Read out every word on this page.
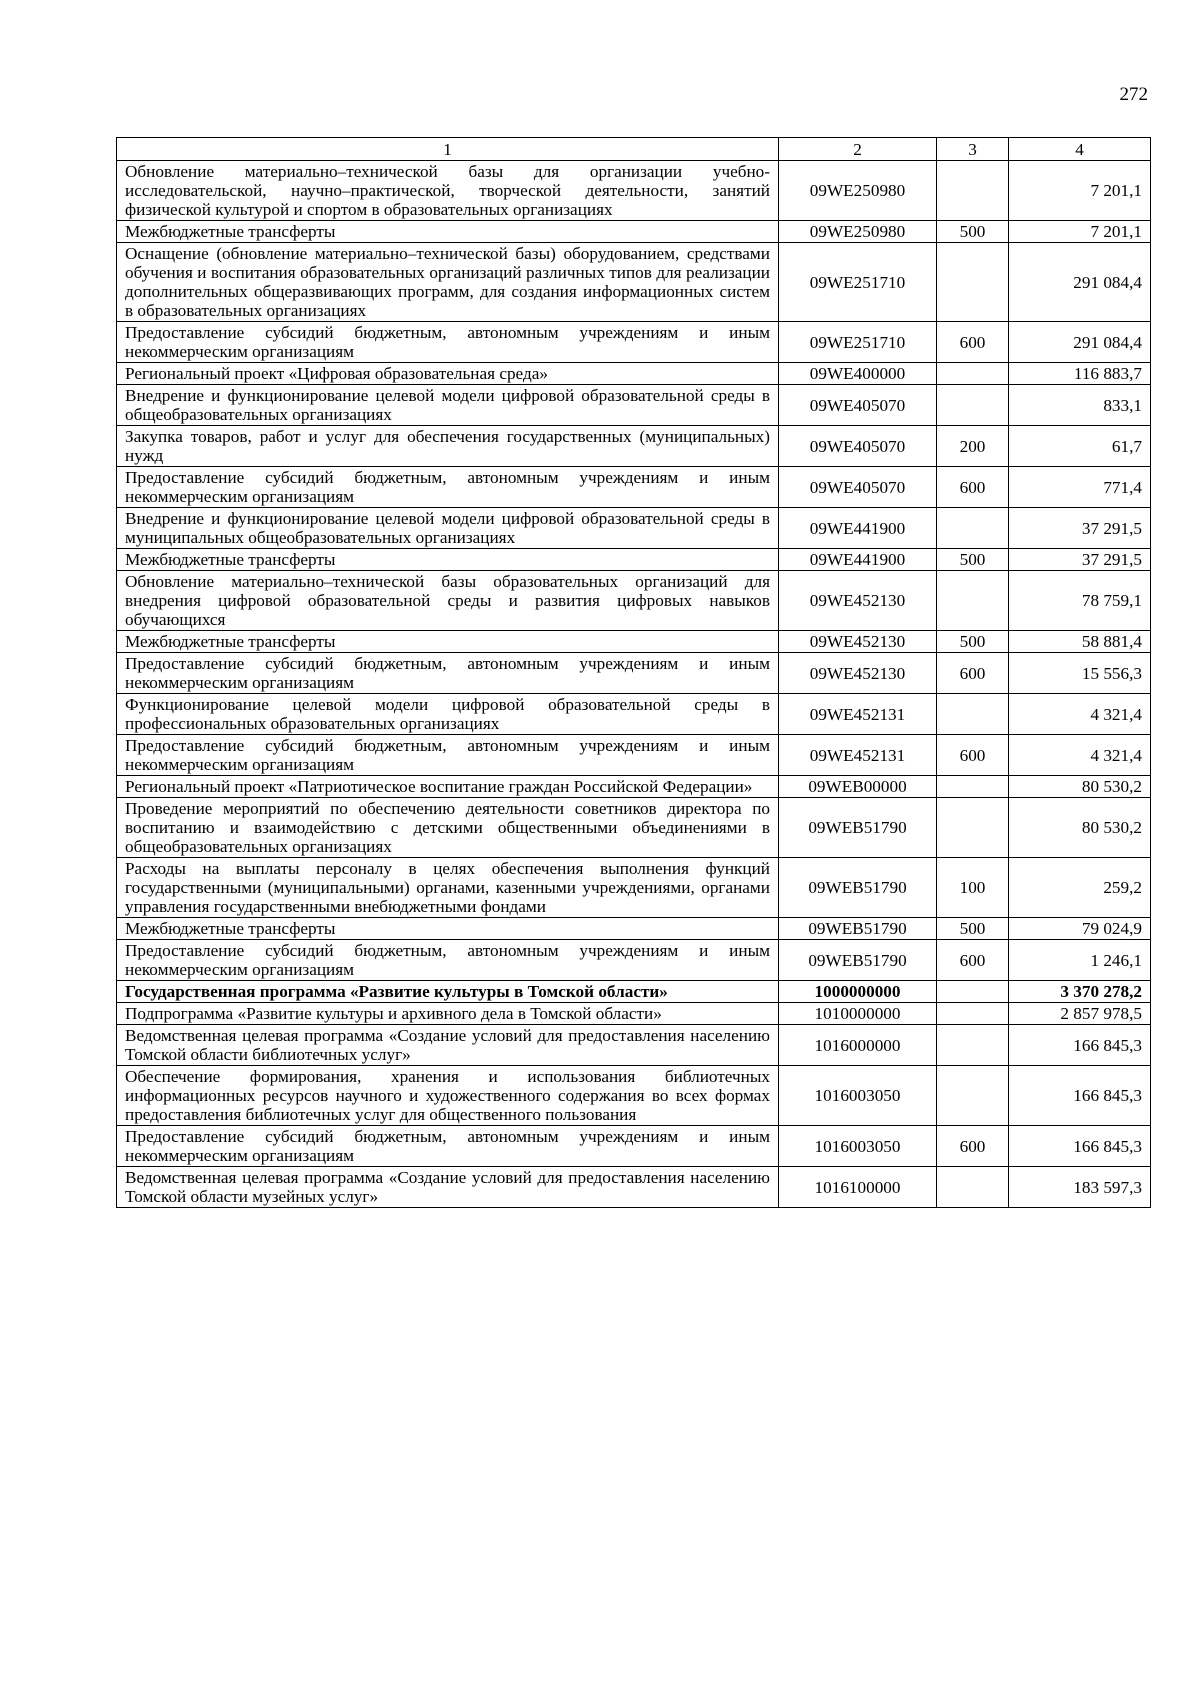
272
1	2	3	4
Обновление материально–технической базы для организации учебно-исследовательской, научно–практической, творческой деятельности, занятий физической культурой и спортом в образовательных организациях	09WE250980		7 201,1
Межбюджетные трансферты	09WE250980	500	7 201,1
Оснащение (обновление материально–технической базы) оборудованием, средствами обучения и воспитания образовательных организаций различных типов для реализации дополнительных общеразвивающих программ, для создания информационных систем в образовательных организациях	09WE251710		291 084,4
Предоставление субсидий бюджетным, автономным учреждениям и иным некоммерческим организациям	09WE251710	600	291 084,4
Региональный проект «Цифровая образовательная среда»	09WE400000		116 883,7
Внедрение и функционирование целевой модели цифровой образовательной среды в общеобразовательных организациях	09WE405070		833,1
Закупка товаров, работ и услуг для обеспечения государственных (муниципальных) нужд	09WE405070	200	61,7
Предоставление субсидий бюджетным, автономным учреждениям и иным некоммерческим организациям	09WE405070	600	771,4
Внедрение и функционирование целевой модели цифровой образовательной среды в муниципальных общеобразовательных организациях	09WE441900		37 291,5
Межбюджетные трансферты	09WE441900	500	37 291,5
Обновление материально–технической базы образовательных организаций для внедрения цифровой образовательной среды и развития цифровых навыков обучающихся	09WE452130		78 759,1
Межбюджетные трансферты	09WE452130	500	58 881,4
Предоставление субсидий бюджетным, автономным учреждениям и иным некоммерческим организациям	09WE452130	600	15 556,3
Функционирование целевой модели цифровой образовательной среды в профессиональных образовательных организациях	09WE452131		4 321,4
Предоставление субсидий бюджетным, автономным учреждениям и иным некоммерческим организациям	09WE452131	600	4 321,4
Региональный проект «Патриотическое воспитание граждан Российской Федерации»	09WEB00000		80 530,2
Проведение мероприятий по обеспечению деятельности советников директора по воспитанию и взаимодействию с детскими общественными объединениями в общеобразовательных организациях	09WEB51790		80 530,2
Расходы на выплаты персоналу в целях обеспечения выполнения функций государственными (муниципальными) органами, казенными учреждениями, органами управления государственными внебюджетными фондами	09WEB51790	100	259,2
Межбюджетные трансферты	09WEB51790	500	79 024,9
Предоставление субсидий бюджетным, автономным учреждениям и иным некоммерческим организациям	09WEB51790	600	1 246,1
Государственная программа «Развитие культуры в Томской области»	1000000000		3 370 278,2
Подпрограмма «Развитие культуры и архивного дела в Томской области»	1010000000		2 857 978,5
Ведомственная целевая программа «Создание условий для предоставления населению Томской области библиотечных услуг»	1016000000		166 845,3
Обеспечение формирования, хранения и использования библиотечных информационных ресурсов научного и художественного содержания во всех формах предоставления библиотечных услуг для общественного пользования	1016003050		166 845,3
Предоставление субсидий бюджетным, автономным учреждениям и иным некоммерческим организациям	1016003050	600	166 845,3
Ведомственная целевая программа «Создание условий для предоставления населению Томской области музейных услуг»	1016100000		183 597,3
